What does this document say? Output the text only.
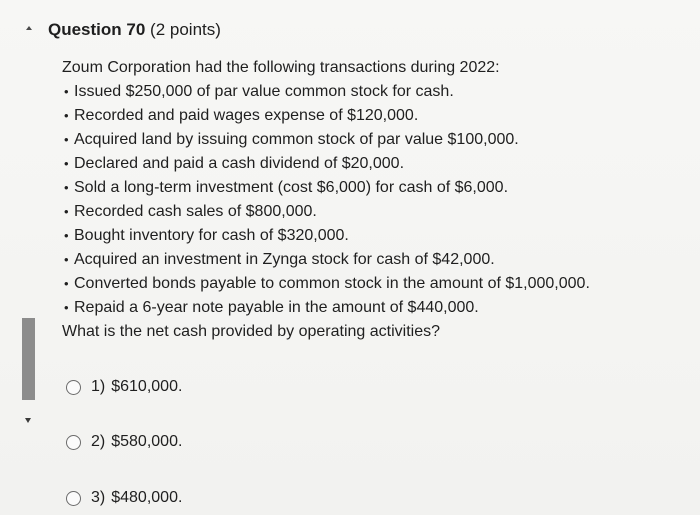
Question 70 (2 points)

Zoum Corporation had the following transactions during 2022:

• Issued $250,000 of par value common stock for cash.
• Recorded and paid wages expense of $120,000.
• Acquired land by issuing common stock of par value $100,000.
• Declared and paid a cash dividend of $20,000.
• Sold a long-term investment (cost $6,000) for cash of $6,000.
• Recorded cash sales of $800,000.
• Bought inventory for cash of $320,000.
• Acquired an investment in Zynga stock for cash of $42,000.
• Converted bonds payable to common stock in the amount of $1,000,000.
• Repaid a 6-year note payable in the amount of $440,000.

What is the net cash provided by operating activities?

1) $610,000.
2) $580,000.
3) $480,000.
